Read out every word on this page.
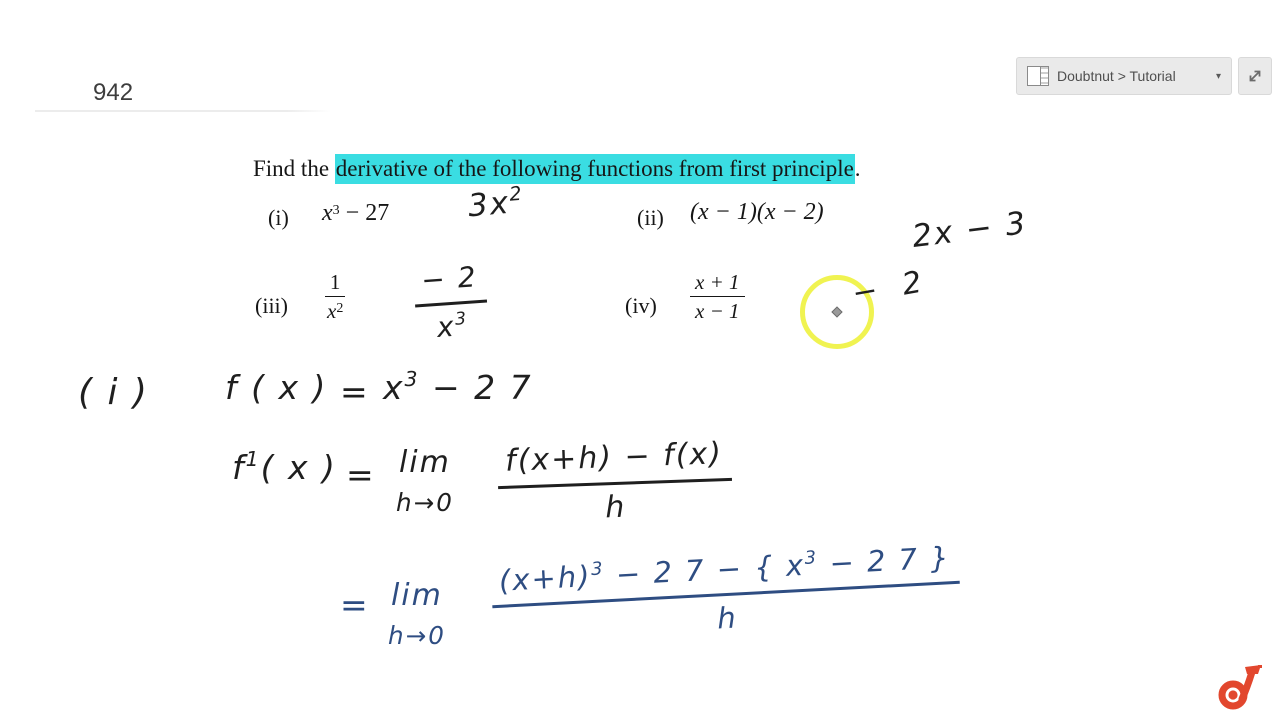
Doubtnut > Tutorial	▾
942
Find the derivative of the following functions from first principle.
(i) $x^3 - 27$	(ii) (x − 1)(x − 2)
$(iii) \frac{1}{x^2}$	$(iv) \frac{x + 1}{x - 1}$
$3x^2$
2x − 3
− 2
$x^3$
− 2
( i ) f ( x ) = $x^3 - 2$ 7
$f^1$( x ) = lim
$h\to 0 \frac{f(x+h) - f(x)}{h}$
= lim
h→0
$(x+h)^3 - 2$ 7 − { $x^3 - 2$ 7 }
h
